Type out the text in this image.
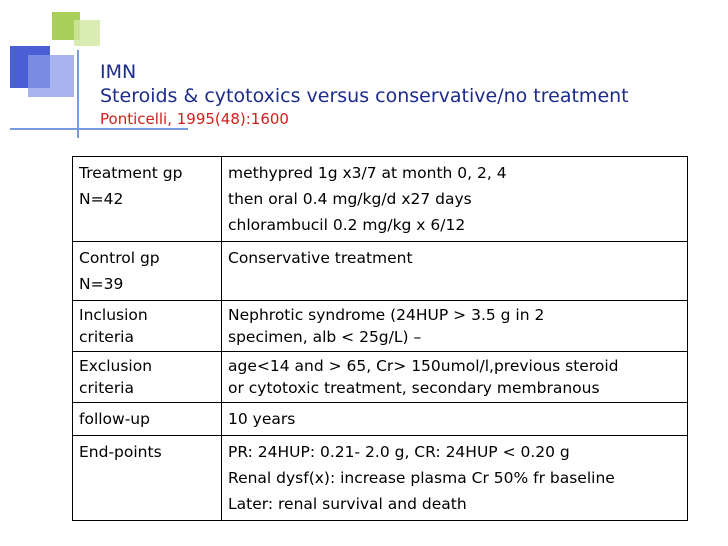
IMN
Steroids & cytotoxics versus conservative/no treatment
Ponticelli, 1995(48):1600
Treatment gp
N=42	methypred 1g x3/7 at month 0, 2, 4
then oral 0.4 mg/kg/d x27 days
chlorambucil 0.2 mg/kg x 6/12

Control gp
N=39	Conservative treatment

Inclusion
criteria	Nephrotic syndrome (24HUP > 3.5 g in 2
specimen, alb < 25g/L) –

Exclusion
criteria	age<14 and > 65, Cr> 150umol/l,previous steroid
or cytotoxic treatment, secondary membranous

follow-up	10 years

End-points	PR: 24HUP: 0.21- 2.0 g, CR: 24HUP < 0.20 g
Renal dysf(x): increase plasma Cr 50% fr baseline
Later: renal survival and death
